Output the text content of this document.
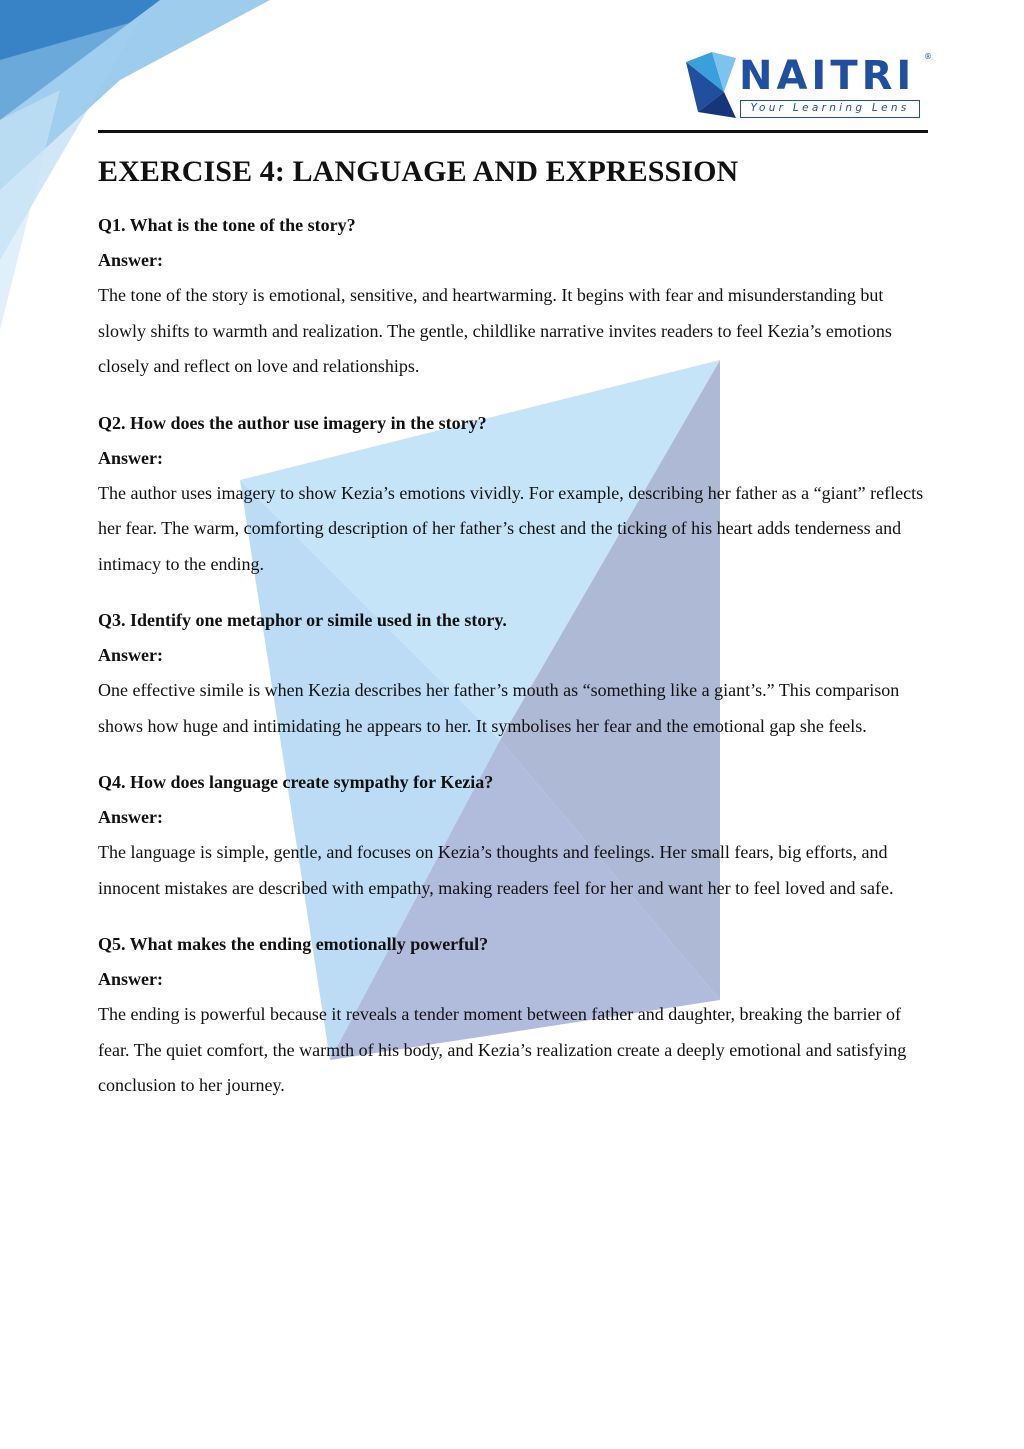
NAITRI	®
Your Learning Lens
EXERCISE 4: LANGUAGE AND EXPRESSION

Q1. What is the tone of the story?

Answer:

The tone of the story is emotional, sensitive, and heartwarming. It begins with fear and misunderstanding but slowly shifts to warmth and realization. The gentle, childlike narrative invites readers to feel Kezia’s emotions closely and reflect on love and relationships.

Q2. How does the author use imagery in the story?

Answer:

The author uses imagery to show Kezia’s emotions vividly. For example, describing her father as a “giant” reflects her fear. The warm, comforting description of her father’s chest and the ticking of his heart adds tenderness and intimacy to the ending.

Q3. Identify one metaphor or simile used in the story.

Answer:

One effective simile is when Kezia describes her father’s mouth as “something like a giant’s.” This comparison shows how huge and intimidating he appears to her. It symbolises her fear and the emotional gap she feels.

Q4. How does language create sympathy for Kezia?

Answer:

The language is simple, gentle, and focuses on Kezia’s thoughts and feelings. Her small fears, big efforts, and innocent mistakes are described with empathy, making readers feel for her and want her to feel loved and safe.

Q5. What makes the ending emotionally powerful?

Answer:

The ending is powerful because it reveals a tender moment between father and daughter, breaking the barrier of fear. The quiet comfort, the warmth of his body, and Kezia’s realization create a deeply emotional and satisfying conclusion to her journey.
